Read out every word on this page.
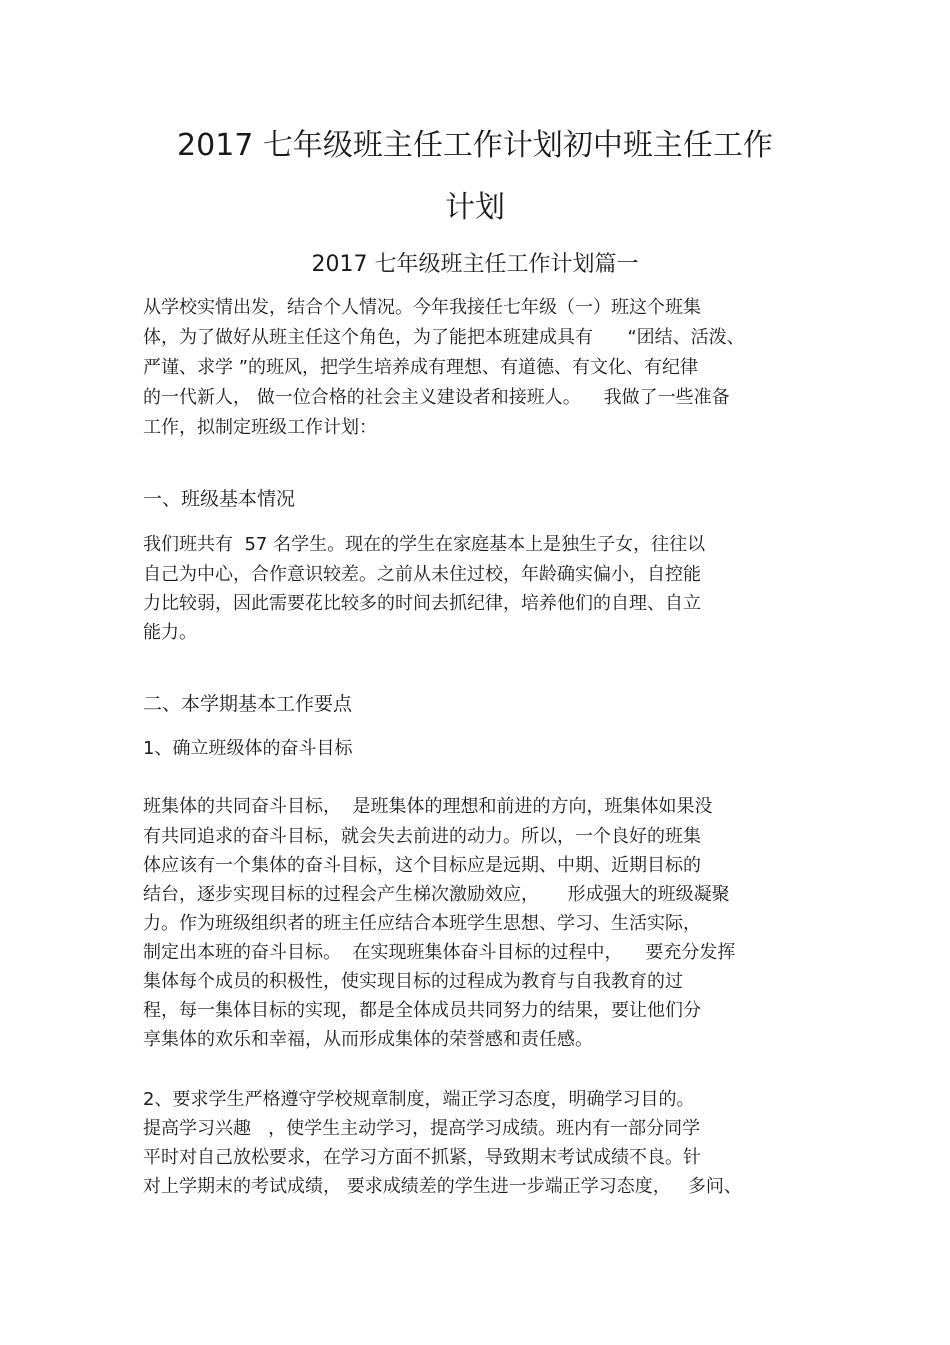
2017 七年级班主任工作计划初中班主任工作
计划
2017 七年级班主任工作计划篇一
从学校实情出发，结合个人情况。今年我接任七年级（一）班这个班集
体，为了做好从班主任这个角色，为了能把本班建成具有      “团结、活泼、
严谨、求学 ”的班风，把学生培养成有理想、有道德、有文化、有纪律
的一代新人， 做一位合格的社会主义建设者和接班人。    我做了一些准备
工作，拟制定班级工作计划：
一、班级基本情况
我们班共有  57 名学生。现在的学生在家庭基本上是独生子女，往往以
自己为中心，合作意识较差。之前从未住过校，年龄确实偏小，自控能
力比较弱，因此需要花比较多的时间去抓纪律，培养他们的自理、自立
能力。
二、本学期基本工作要点
1、确立班级体的奋斗目标
班集体的共同奋斗目标，  是班集体的理想和前进的方向，班集体如果没
有共同追求的奋斗目标，就会失去前进的动力。所以，一个良好的班集
体应该有一个集体的奋斗目标，这个目标应是远期、中期、近期目标的
结台，逐步实现目标的过程会产生梯次激励效应，     形成强大的班级凝聚
力。作为班级组织者的班主任应结合本班学生思想、学习、生活实际，
制定出本班的奋斗目标。  在实现班集体奋斗目标的过程中，    要充分发挥
集体每个成员的积极性，使实现目标的过程成为教育与自我教育的过
程，每一集体目标的实现，都是全体成员共同努力的结果，要让他们分
享集体的欢乐和幸福，从而形成集体的荣誉感和责任感。
2、要求学生严格遵守学校规章制度，端正学习态度，明确学习目的。
提高学习兴趣   ，使学生主动学习，提高学习成绩。班内有一部分同学
平时对自己放松要求，在学习方面不抓紧，导致期末考试成绩不良。针
对上学期末的考试成绩， 要求成绩差的学生进一步端正学习态度，   多问、
